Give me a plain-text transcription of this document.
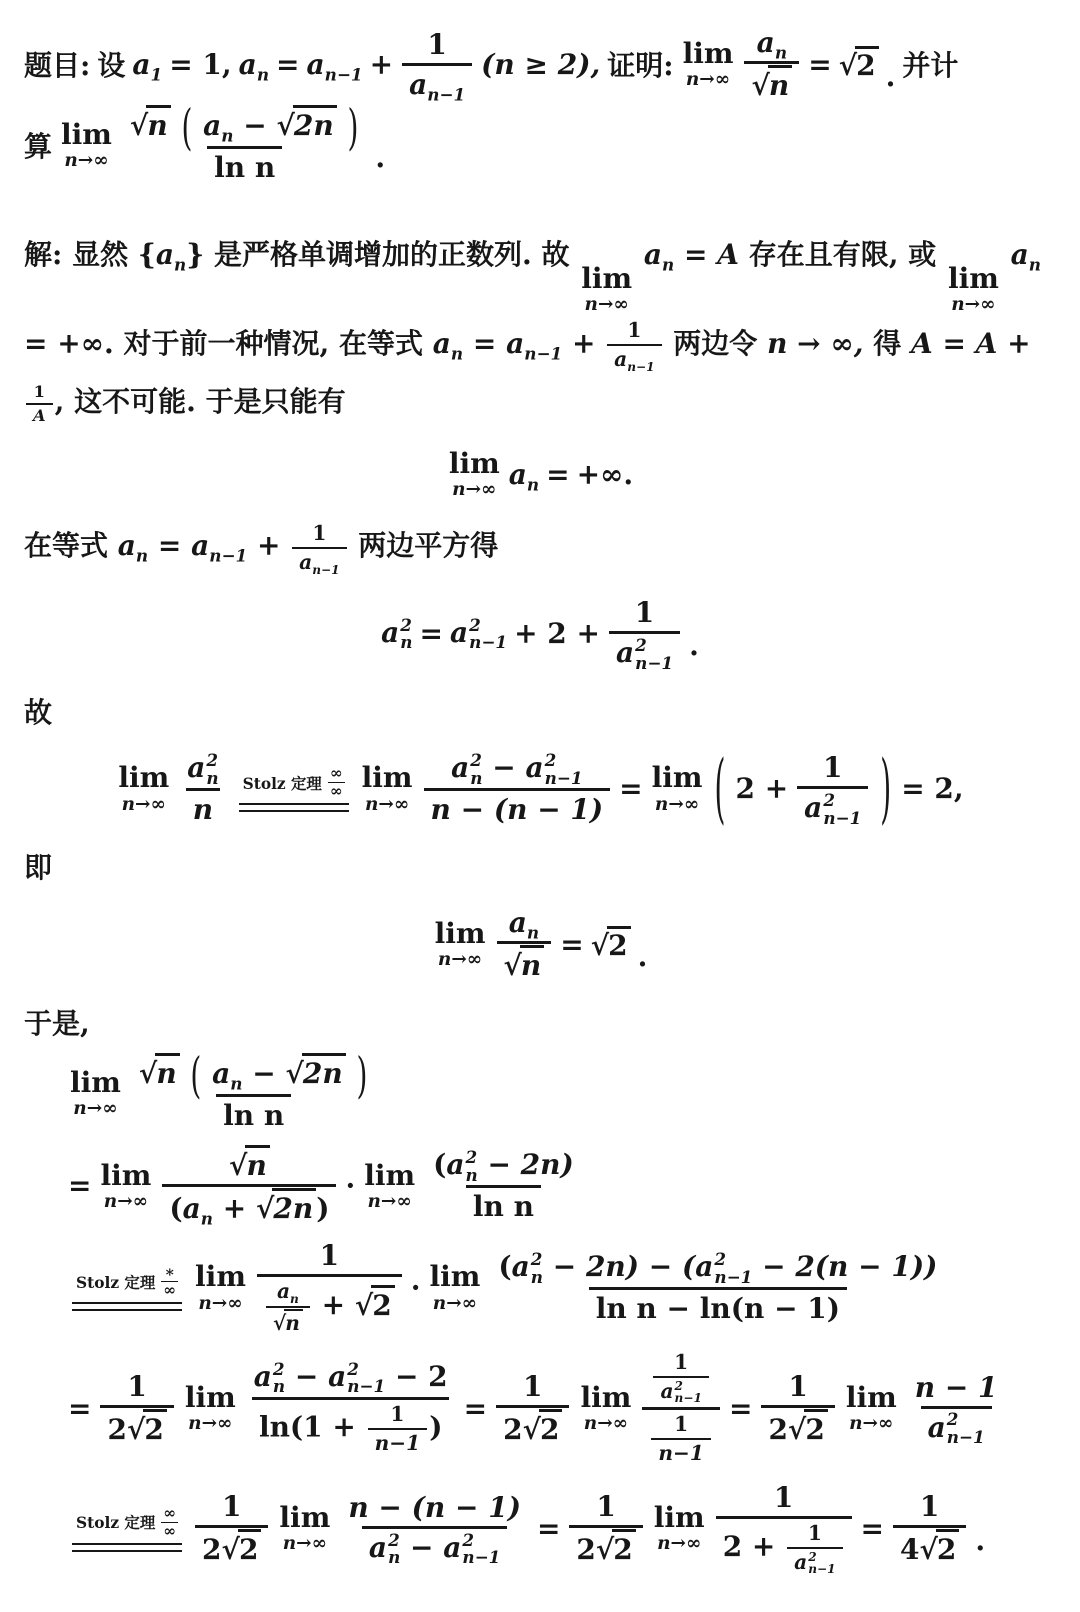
题目: 设 $a_1 = 1$, $a_n = a_{n-1} + \frac{1}{a_{n-1}} (n \ge 2)$, 证明: lim
$n\to\infty \frac{a_n}{√n} = √2$ . 并计
算 lim
n→∞
√n ( $a_n - √2n$ )
ln n	.

解: 显然 $\{a_n\}$ 是严格单调增加的正数列. 故
lim
n→∞
$a_n = A$ 存在且有限, 或
lim
n→∞
$a_n$ = +∞. 对于前一种情况, 在等式 $a_n = a_{n-1} + \frac{1}{a_{n-1}}$ 两边令 n → ∞, 得 A = A +
$\frac{1}{A}$ , 这不可能. 于是只能有

lim
n→∞ $a_n$ = +∞.

在等式 $a_n = a_{n-1} + \frac{1}{a_{n-1}}$ 两边平方得

a 2
n = a 2
n−1 + 2 + 1
a 2
n−1 .

故

lim
n→∞ a 2
n
n Stolz 定理
∞
∞ lim
n→∞ a 2
n − a 2
n−1
n − (n − 1) = lim
n→∞ ( 2 + 1
a 2
n−1 ) = 2,

即

lim
$n\to\infty \frac{a_n}{√n} = √2$ .

于是,

lim
n→∞
√n ( $a_n - √2n$ )
ln n
= lim
$n\to\infty \frac{√n}{(a_n + √2n )} \cdot \lim$
n→∞ (a 2
n − 2n)
ln n
Stolz 定理
∗
∞ lim
$n\to\infty \frac{1}{\frac{a_n}{√n} + √2} \cdot \lim$
n→∞ (a 2
n − 2n) − (a 2
n−1 − 2(n − 1))
ln n − ln(n − 1)
= $\frac{1}{2√2}$ lim
n→∞ a 2
n − a 2
n−1 − 2
$\ln(1 + \frac{1}{n-1}$ ) = $\frac{1}{2√2}$ lim
n→∞ 1
a 2
n−1
$\frac{1}{n-1} = \frac{1}{2√2}$ lim
n→∞ n − 1
a 2
n−1
Stolz 定理
∞
∞ $\frac{1}{2√2}$ lim
n→∞ n − (n − 1)
a 2
n − a 2
$n-1 = \frac{1}{2√2}$ lim
n→∞ 1
2 + 1
a 2
$n-1 = \frac{1}{4√2}$ .
